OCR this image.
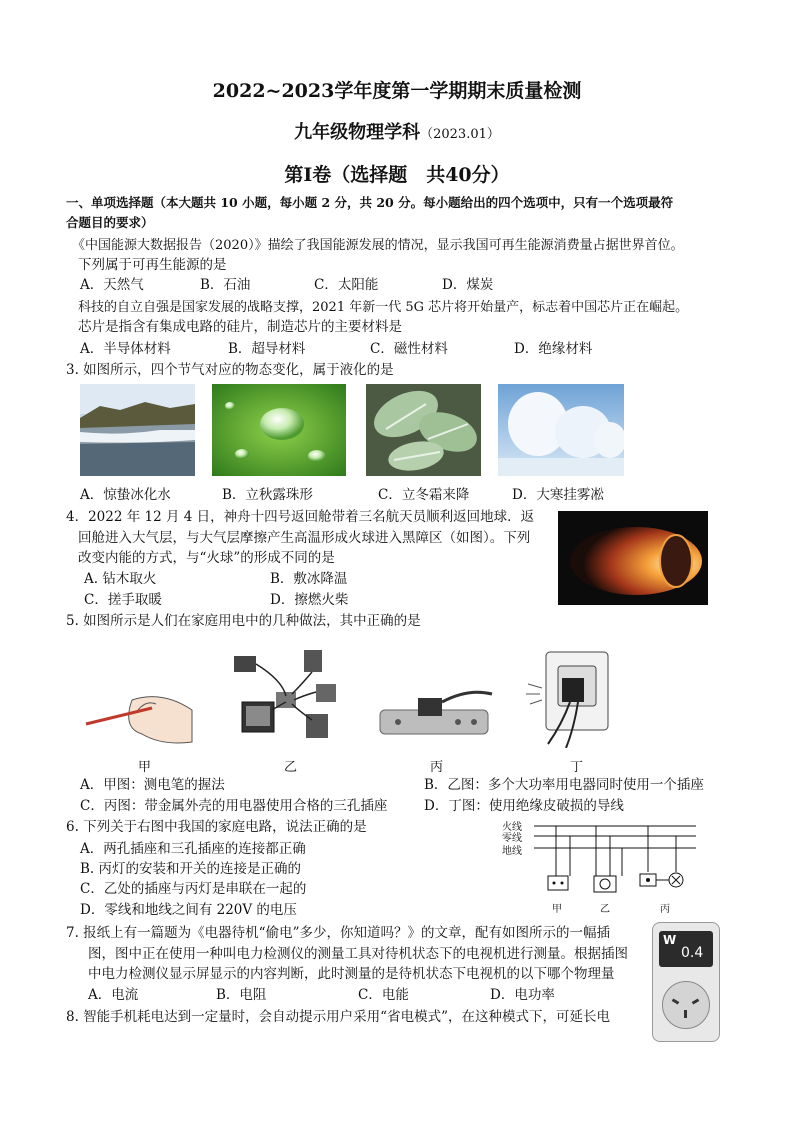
2022~2023学年度第一学期期末质量检测
九年级物理学科（2023.01）
第Ⅰ卷（选择题　共40分）
一、单项选择题（本大题共 10 小题，每小题 2 分，共 20 分。每小题给出的四个选项中，只有一个选项最符
合题目的要求）
《中国能源大数据报告（2020）》描绘了我国能源发展的情况，显示我国可再生能源消费量占据世界首位。
下列属于可再生能源的是
A．天然气	B．石油	C．太阳能	D．煤炭
科技的自立自强是国家发展的战略支撑，2021 年新一代 5G 芯片将开始量产，标志着中国芯片正在崛起。
芯片是指含有集成电路的硅片，制造芯片的主要材料是
A．半导体材料	B．超导材料	C．磁性材料	D．绝缘材料
3. 如图所示，四个节气对应的物态变化，属于液化的是
A．惊蛰冰化水	B．立秋露珠形	C．立冬霜来降	D．大寒挂雾凇
4．2022 年 12 月 4 日，神舟十四号返回舱带着三名航天员顺利返回地球．返
回舱进入大气层，与大气层摩擦产生高温形成火球进入黑障区（如图）。下列
改变内能的方式，与“火球”的形成不同的是
A. 钻木取火	B．敷冰降温
C．搓手取暖	D．擦燃火柴
5. 如图所示是人们在家庭用电中的几种做法，其中正确的是
甲	乙	丙	丁
A．甲图：测电笔的握法	B．乙图：多个大功率用电器同时使用一个插座
C．丙图：带金属外壳的用电器使用合格的三孔插座	D．丁图：使用绝缘皮破损的导线
6. 下列关于右图中我国的家庭电路，说法正确的是
A．两孔插座和三孔插座的连接都正确
B. 丙灯的安装和开关的连接是正确的
C．乙处的插座与丙灯是串联在一起的
D．零线和地线之间有 220V 的电压
火线
零线
地线
甲	乙	丙
7. 报纸上有一篇题为《电器待机“偷电”多少，你知道吗？》的文章，配有如图所示的一幅插
图，图中正在使用一种叫电力检测仪的测量工具对待机状态下的电视机进行测量。根据插图
中电力检测仪显示屏显示的内容判断，此时测量的是待机状态下电视机的以下哪个物理量
A．电流	B．电阻	C．电能	D．电功率
W
0.4
8. 智能手机耗电达到一定量时，会自动提示用户采用“省电模式”，在这种模式下，可延长电
